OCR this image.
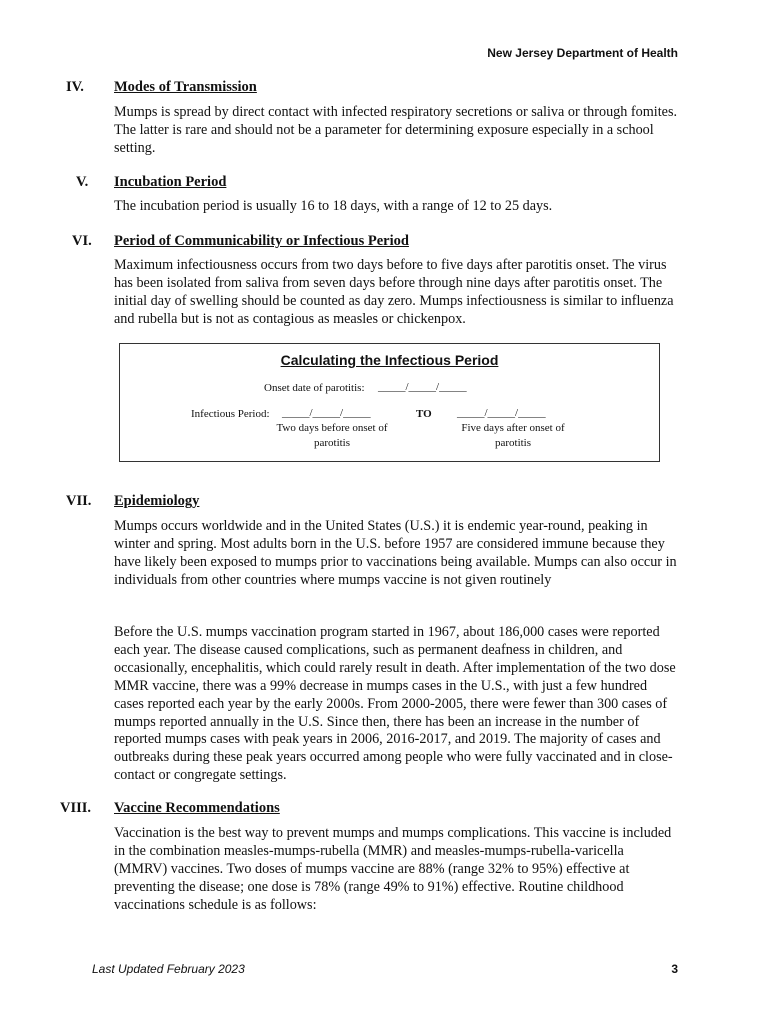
New Jersey Department of Health
IV.	Modes of Transmission

Mumps is spread by direct contact with infected respiratory secretions or saliva or through fomites. The latter is rare and should not be a parameter for determining exposure especially in a school setting.

V.	Incubation Period

The incubation period is usually 16 to 18 days, with a range of 12 to 25 days.

VI.	Period of Communicability or Infectious Period

Maximum infectiousness occurs from two days before to five days after parotitis onset. The virus has been isolated from saliva from seven days before through nine days after parotitis onset. The initial day of swelling should be counted as day zero. Mumps infectiousness is similar to influenza and rubella but is not as contagious as measles or chickenpox.

Calculating the Infectious Period
Onset date of parotitis: _____/_____/_____
Infectious Period: _____/_____/_____	TO _____/_____/_____
Two days before onset of
parotitis
Five days after onset of
parotitis
VII.	Epidemiology

Mumps occurs worldwide and in the United States (U.S.) it is endemic year-round, peaking in winter and spring. Most adults born in the U.S. before 1957 are considered immune because they have likely been exposed to mumps prior to vaccinations being available. Mumps can also occur in individuals from other countries where mumps vaccine is not given routinely

Before the U.S. mumps vaccination program started in 1967, about 186,000 cases were reported each year. The disease caused complications, such as permanent deafness in children, and occasionally, encephalitis, which could rarely result in death. After implementation of the two dose MMR vaccine, there was a 99% decrease in mumps cases in the U.S., with just a few hundred cases reported each year by the early 2000s. From 2000-2005, there were fewer than 300 cases of mumps reported annually in the U.S. Since then, there has been an increase in the number of reported mumps cases with peak years in 2006, 2016-2017, and 2019. The majority of cases and outbreaks during these peak years occurred among people who were fully vaccinated and in close-contact or congregate settings.

VIII.	Vaccine Recommendations

Vaccination is the best way to prevent mumps and mumps complications. This vaccine is included in the combination measles-mumps-rubella (MMR) and measles-mumps-rubella-varicella (MMRV) vaccines. Two doses of mumps vaccine are 88% (range 32% to 95%) effective at preventing the disease; one dose is 78% (range 49% to 91%) effective. Routine childhood vaccinations schedule is as follows:

Last Updated February 2023	3
